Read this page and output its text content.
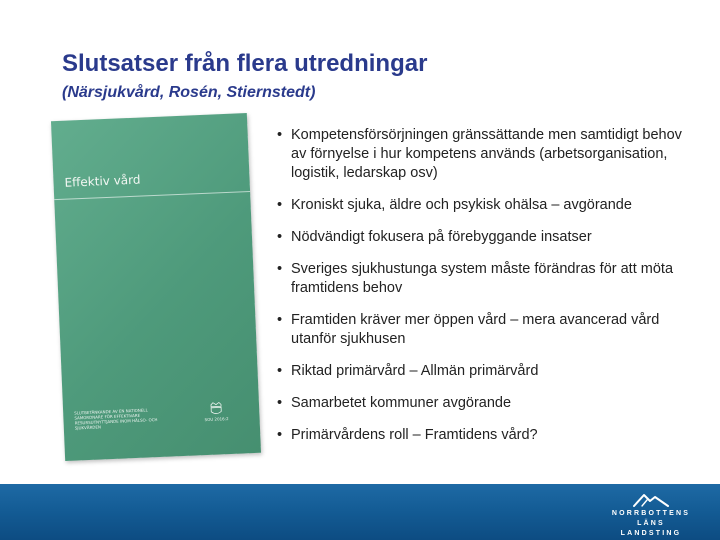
Slutsatser från flera utredningar
(Närsjukvård, Rosén, Stiernstedt)
Effektiv vård
SLUTBETÄNKANDE AV EN NATIONELL SAMORDNARE FÖR EFFEKTIVARE RESURSUTNYTTJANDE INOM HÄLSO- OCH SJUKVÅRDEN
SOU 2016:2
• Kompetensförsörjningen gränssättande men samtidigt behov av förnyelse i hur kompetens används (arbetsorganisation, logistik, ledarskap osv)
• Kroniskt sjuka, äldre och psykisk ohälsa – avgörande
• Nödvändigt fokusera på förebyggande insatser
• Sveriges sjukhustunga system måste förändras för att möta framtidens behov
• Framtiden kräver mer öppen vård – mera avancerad vård utanför sjukhusen
• Riktad primärvård – Allmän primärvård
• Samarbetet kommuner avgörande
• Primärvårdens roll – Framtidens vård?
NORRBOTTENS
LÄNS LANDSTING
